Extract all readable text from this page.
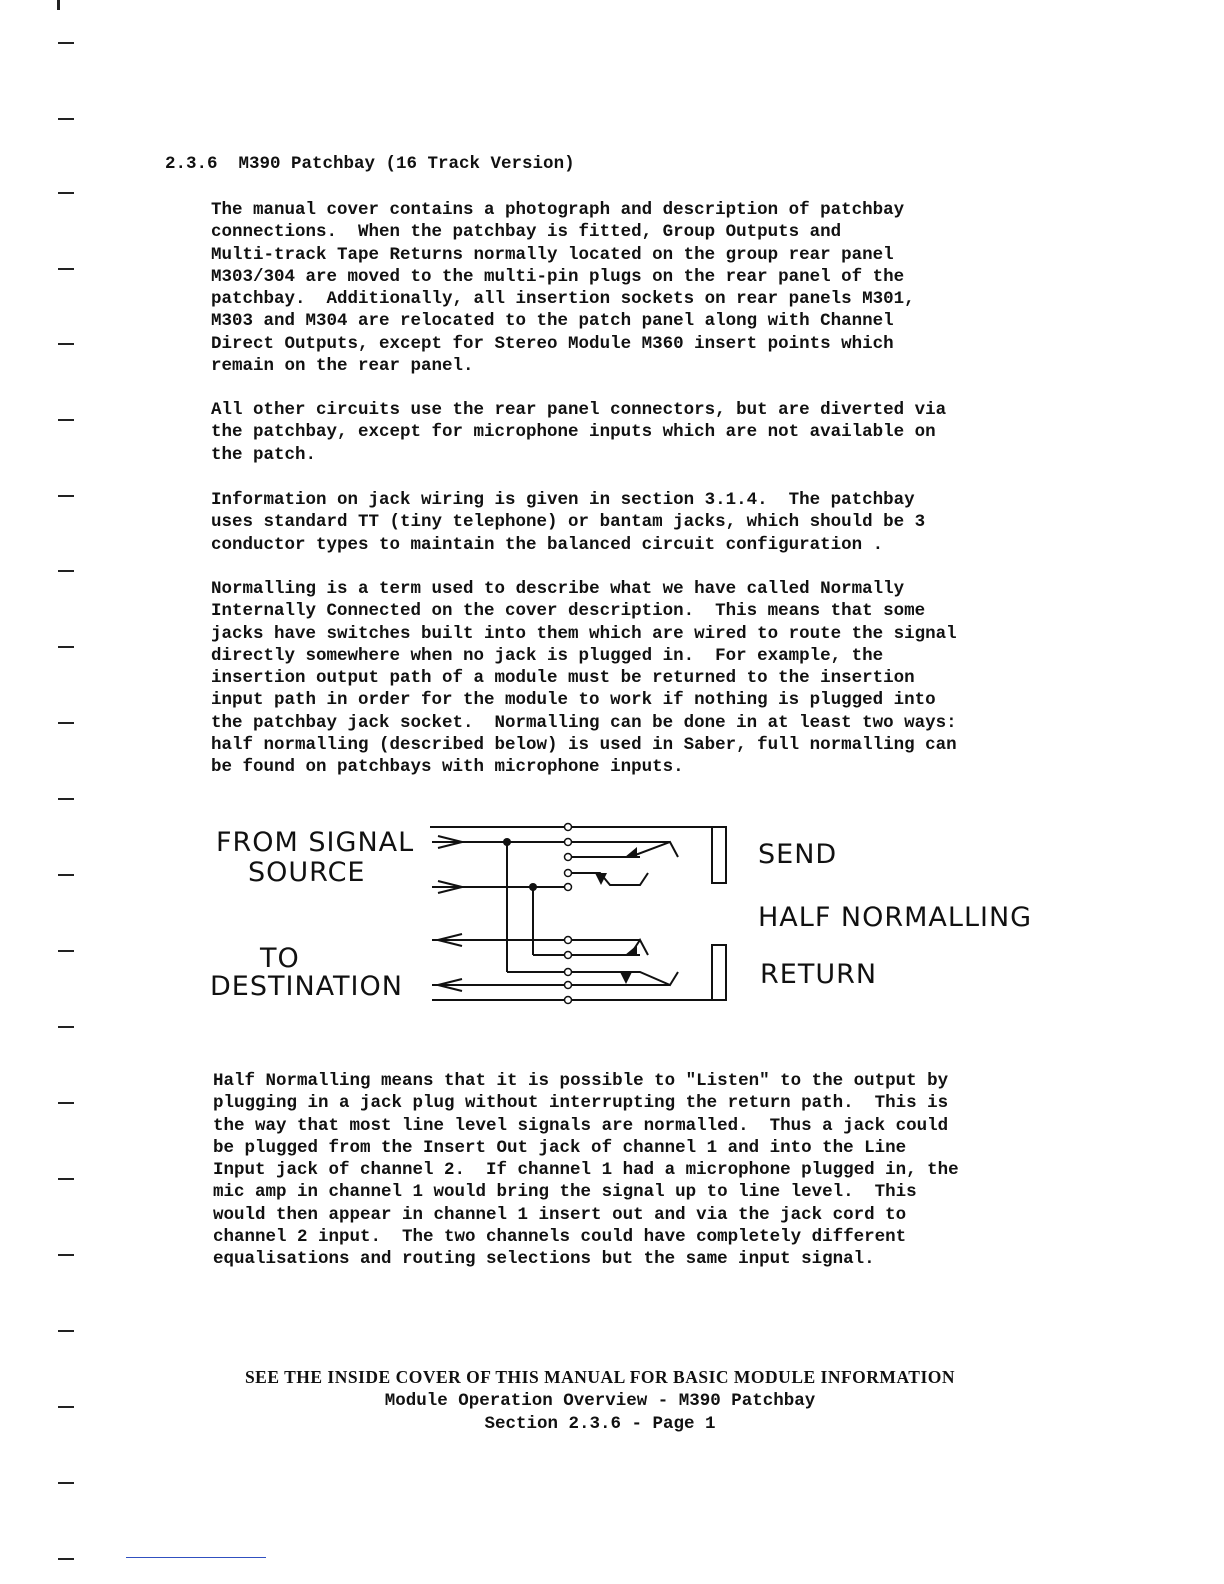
2.3.6  M390 Patchbay (16 Track Version)
The manual cover contains a photograph and description of patchbay
connections.  When the patchbay is fitted, Group Outputs and
Multi-track Tape Returns normally located on the group rear panel
M303/304 are moved to the multi-pin plugs on the rear panel of the
patchbay.  Additionally, all insertion sockets on rear panels M301,
M303 and M304 are relocated to the patch panel along with Channel
Direct Outputs, except for Stereo Module M360 insert points which
remain on the rear panel.
All other circuits use the rear panel connectors, but are diverted via
the patchbay, except for microphone inputs which are not available on
the patch.
Information on jack wiring is given in section 3.1.4.  The patchbay
uses standard TT (tiny telephone) or bantam jacks, which should be 3
conductor types to maintain the balanced circuit configuration .
Normalling is a term used to describe what we have called Normally
Internally Connected on the cover description.  This means that some
jacks have switches built into them which are wired to route the signal
directly somewhere when no jack is plugged in.  For example, the
insertion output path of a module must be returned to the insertion
input path in order for the module to work if nothing is plugged into
the patchbay jack socket.  Normalling can be done in at least two ways:
half normalling (described below) is used in Saber, full normalling can
be found on patchbays with microphone inputs.
FROM SIGNAL
SOURCE
TO
DESTINATION
SEND
HALF NORMALLING
RETURN
Half Normalling means that it is possible to "Listen" to the output by
plugging in a jack plug without interrupting the return path.  This is
the way that most line level signals are normalled.  Thus a jack could
be plugged from the Insert Out jack of channel 1 and into the Line
Input jack of channel 2.  If channel 1 had a microphone plugged in, the
mic amp in channel 1 would bring the signal up to line level.  This
would then appear in channel 1 insert out and via the jack cord to
channel 2 input.  The two channels could have completely different
equalisations and routing selections but the same input signal.
SEE THE INSIDE COVER OF THIS MANUAL FOR BASIC MODULE INFORMATION
Module Operation Overview - M390 Patchbay
Section 2.3.6 - Page 1
